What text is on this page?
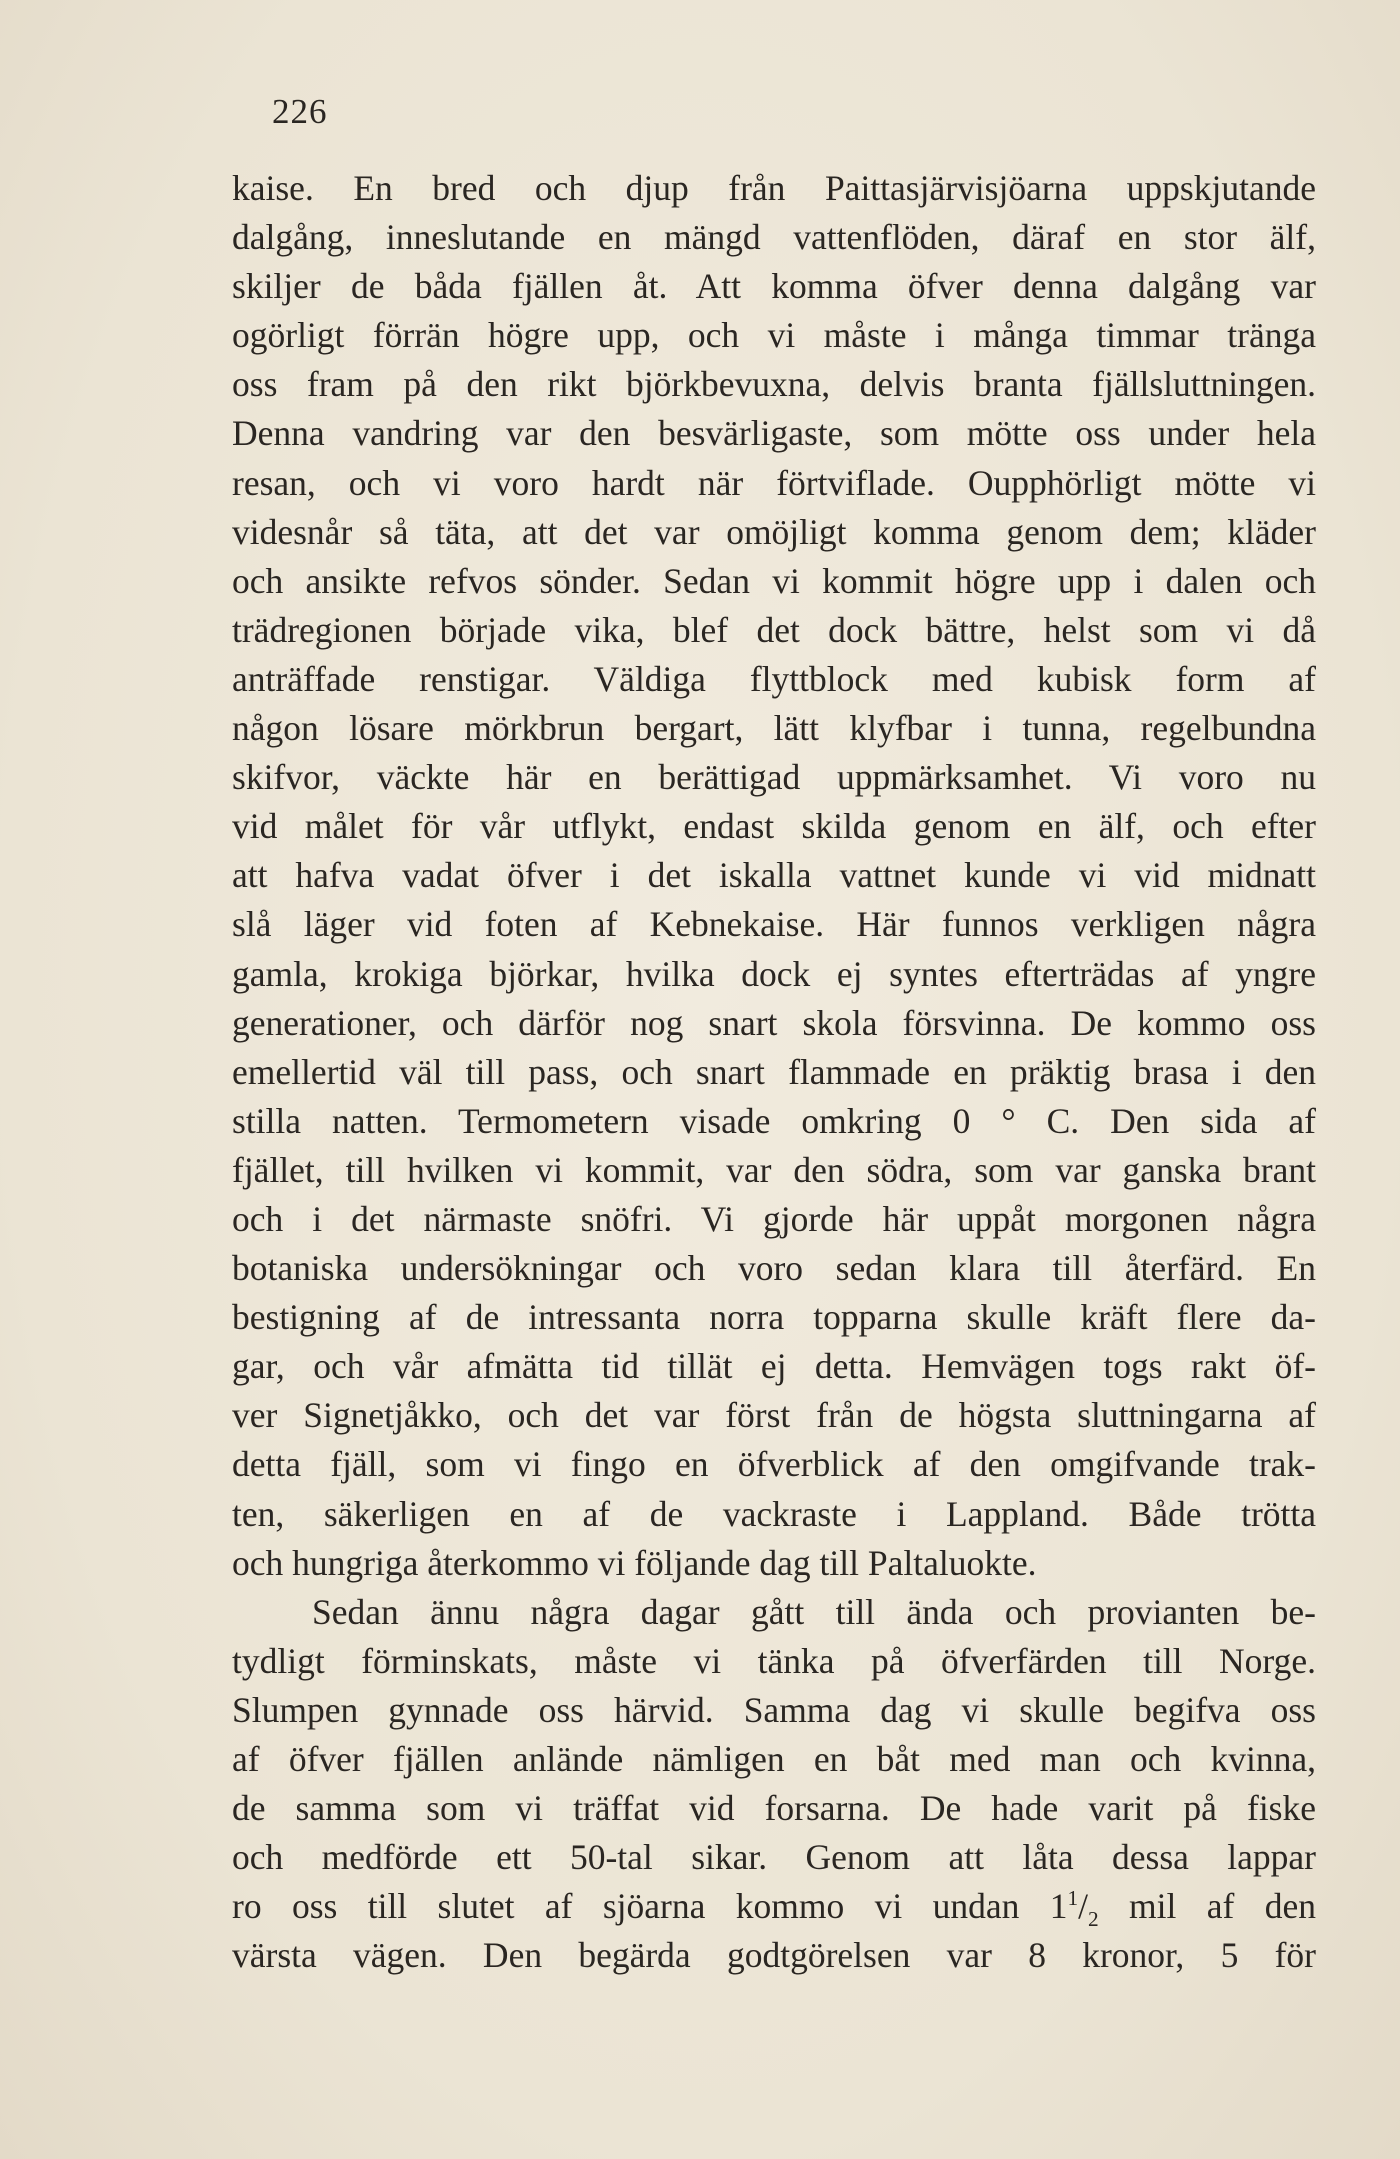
226
kaise. En bred och djup från Paittasjärvisjöarna uppskjutande
dalgång, inneslutande en mängd vattenflöden, däraf en stor älf,
skiljer de båda fjällen åt. Att komma öfver denna dalgång var
ogörligt förrän högre upp, och vi måste i många timmar tränga
oss fram på den rikt björkbevuxna, delvis branta fjällsluttningen.
Denna vandring var den besvärligaste, som mötte oss under hela
resan, och vi voro hardt när förtviflade. Oupphörligt mötte vi
videsnår så täta, att det var omöjligt komma genom dem; kläder
och ansikte refvos sönder. Sedan vi kommit högre upp i dalen och
trädregionen började vika, blef det dock bättre, helst som vi då
anträffade renstigar. Väldiga flyttblock med kubisk form af
någon lösare mörkbrun bergart, lätt klyfbar i tunna, regelbundna
skifvor, väckte här en berättigad uppmärksamhet. Vi voro nu
vid målet för vår utflykt, endast skilda genom en älf, och efter
att hafva vadat öfver i det iskalla vattnet kunde vi vid midnatt
slå läger vid foten af Kebnekaise. Här funnos verkligen några
gamla, krokiga björkar, hvilka dock ej syntes efterträdas af yngre
generationer, och därför nog snart skola försvinna. De kommo oss
emellertid väl till pass, och snart flammade en präktig brasa i den
stilla natten. Termometern visade omkring 0 ° C. Den sida af
fjället, till hvilken vi kommit, var den södra, som var ganska brant
och i det närmaste snöfri. Vi gjorde här uppåt morgonen några
botaniska undersökningar och voro sedan klara till återfärd. En
bestigning af de intressanta norra topparna skulle kräft flere da-
gar, och vår afmätta tid tillät ej detta. Hemvägen togs rakt öf-
ver Signetjåkko, och det var först från de högsta sluttningarna af
detta fjäll, som vi fingo en öfverblick af den omgifvande trak-
ten, säkerligen en af de vackraste i Lappland. Både trötta
och hungriga återkommo vi följande dag till Paltaluokte.
Sedan ännu några dagar gått till ända och provianten be-
tydligt förminskats, måste vi tänka på öfverfärden till Norge.
Slumpen gynnade oss härvid. Samma dag vi skulle begifva oss
af öfver fjällen anlände nämligen en båt med man och kvinna,
de samma som vi träffat vid forsarna. De hade varit på fiske
och medförde ett 50-tal sikar. Genom att låta dessa lappar
ro oss till slutet af sjöarna kommo vi undan $1^1/_2$ mil af den
värsta vägen. Den begärda godtgörelsen var 8 kronor, 5 för
